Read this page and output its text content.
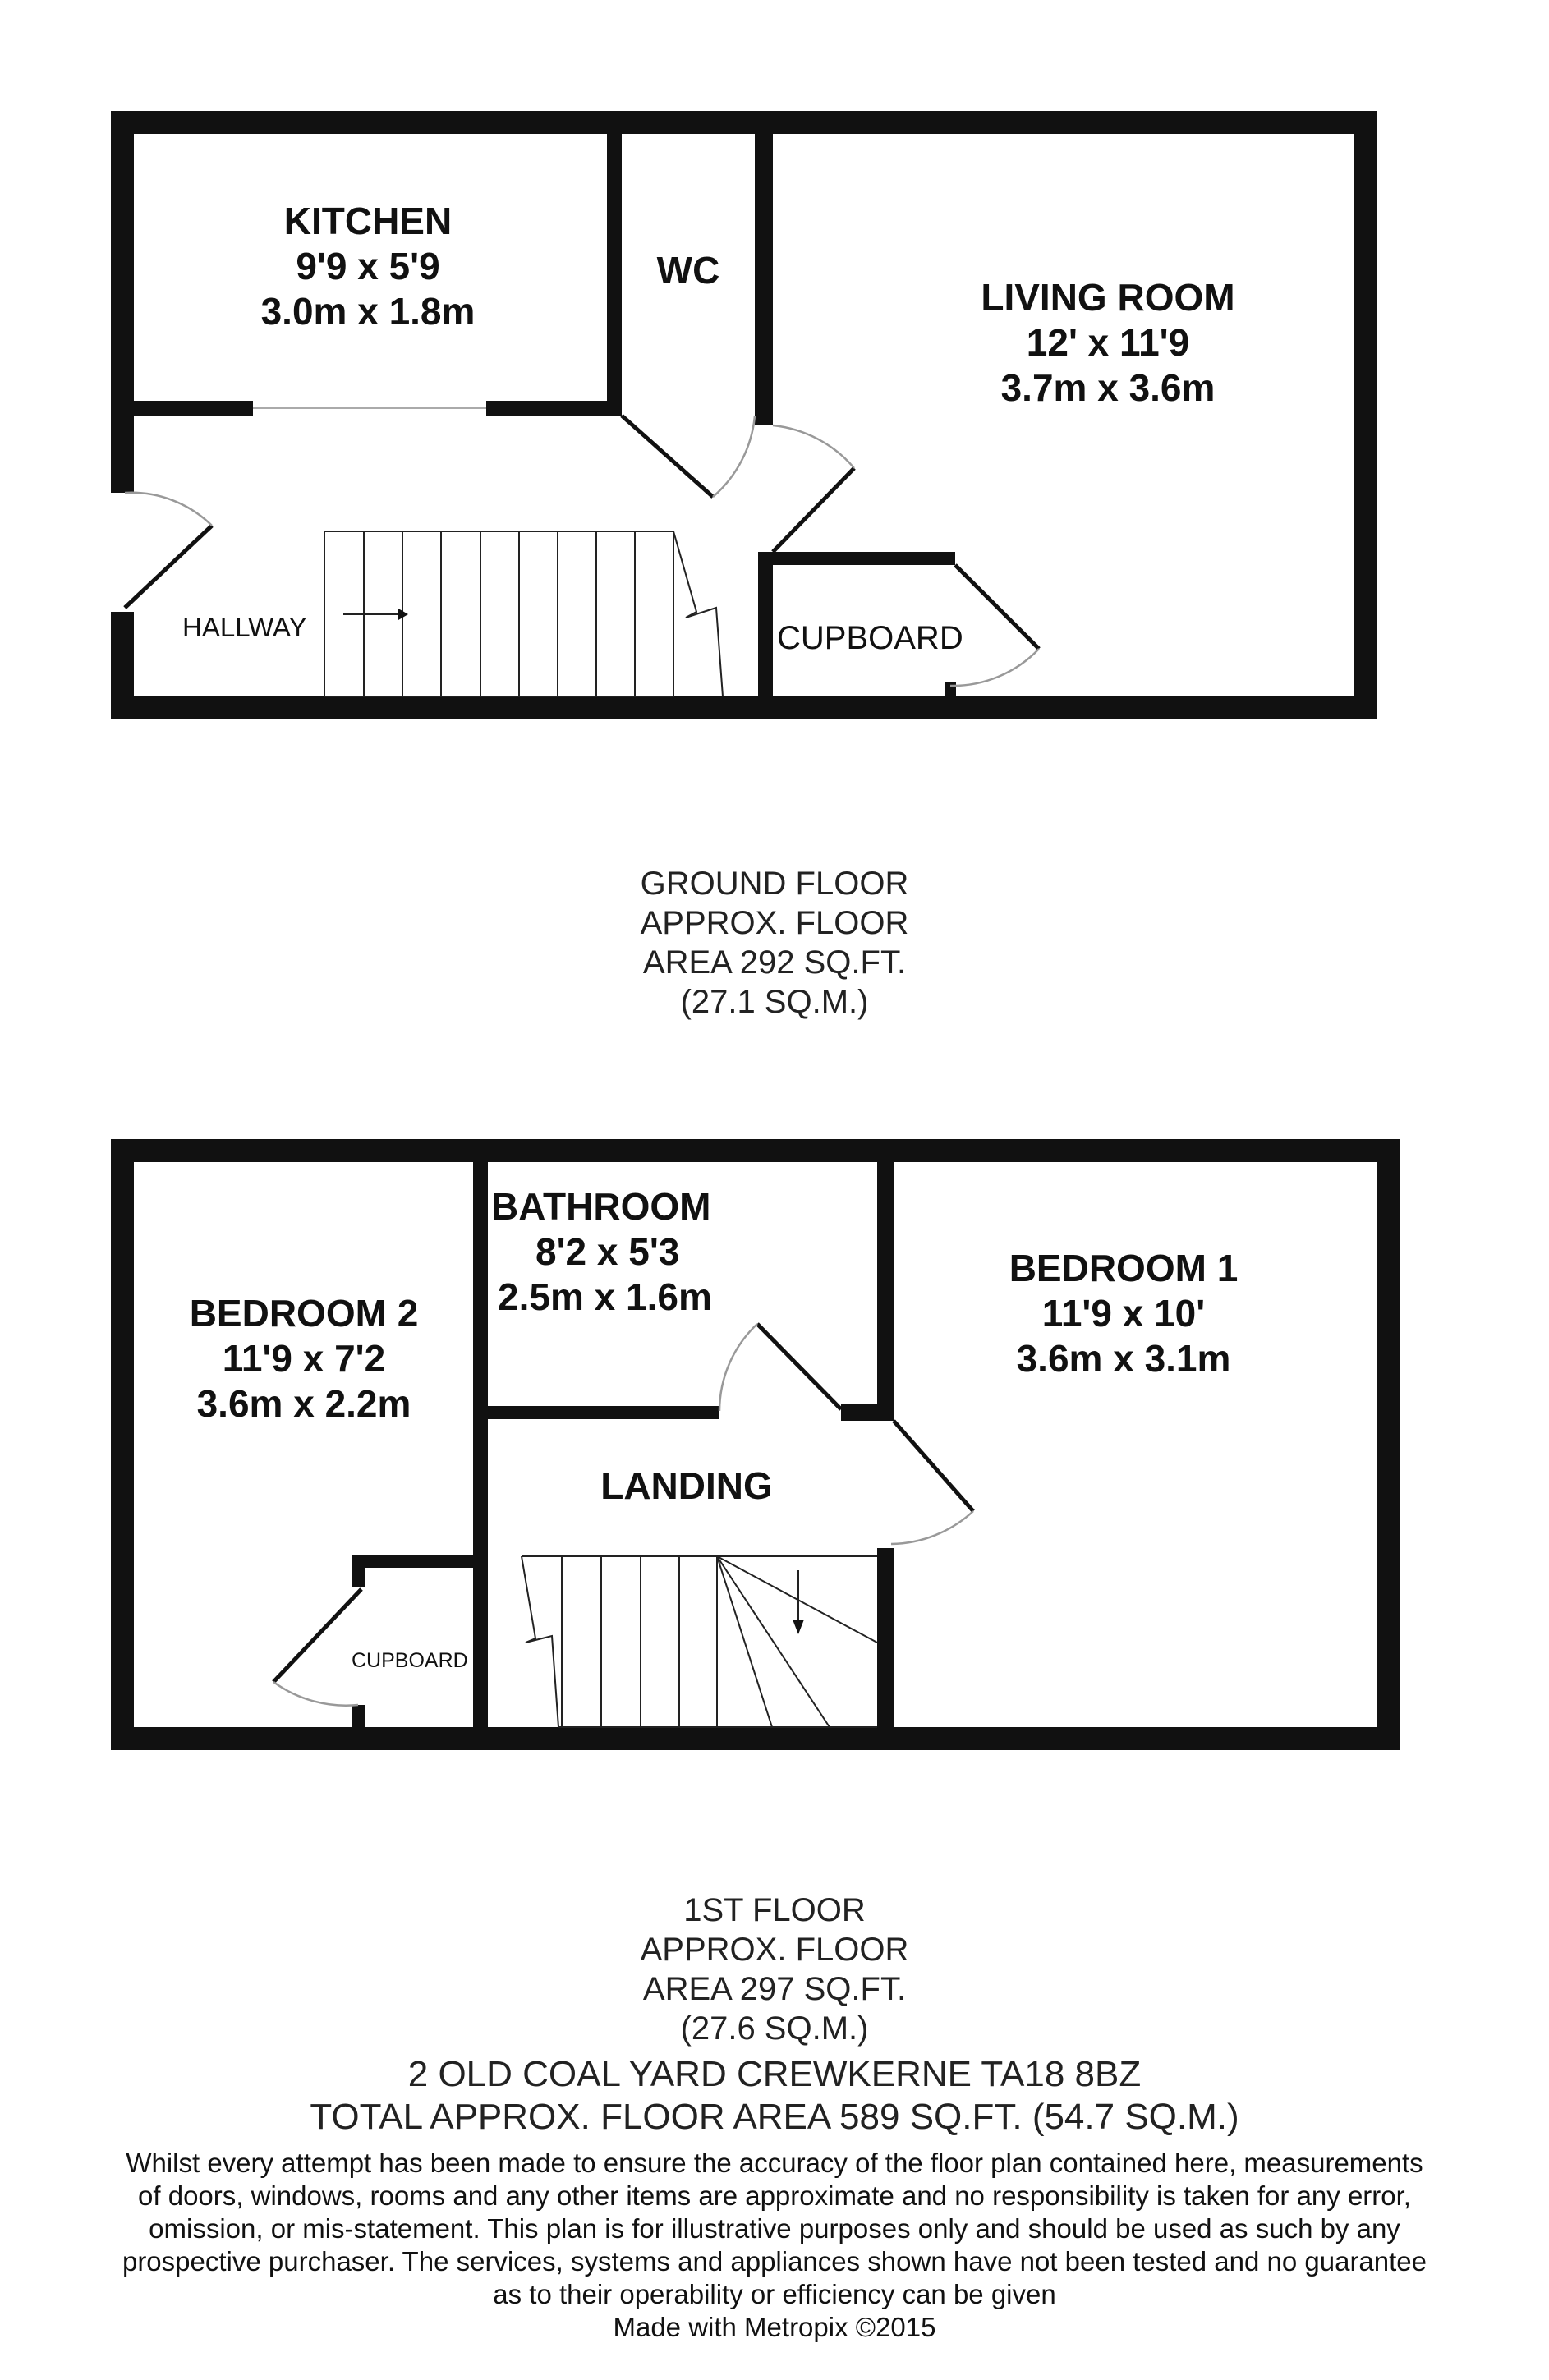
KITCHEN
9'9 x 5'9
3.0m x 1.8m
WC
LIVING ROOM
12' x 11'9
3.7m x 3.6m
HALLWAY	CUPBOARD
BEDROOM 2
11'9 x 7'2
3.6m x 2.2m
BATHROOM
8'2 x 5'3
2.5m x 1.6m
BEDROOM 1
11'9 x 10'
3.6m x 3.1m
LANDING
CUPBOARD
GROUND FLOOR
APPROX. FLOOR
AREA 292 SQ.FT.
(27.1 SQ.M.)
1ST FLOOR
APPROX. FLOOR
AREA 297 SQ.FT.
(27.6 SQ.M.)
2 OLD COAL YARD CREWKERNE TA18 8BZ
TOTAL APPROX. FLOOR AREA 589 SQ.FT. (54.7 SQ.M.)
Whilst every attempt has been made to ensure the accuracy of the floor plan contained here, measurements
of doors, windows, rooms and any other items are approximate and no responsibility is taken for any error,
omission, or mis-statement. This plan is for illustrative purposes only and should be used as such by any
prospective purchaser. The services, systems and appliances shown have not been tested and no guarantee
as to their operability or efficiency can be given
Made with Metropix ©2015
